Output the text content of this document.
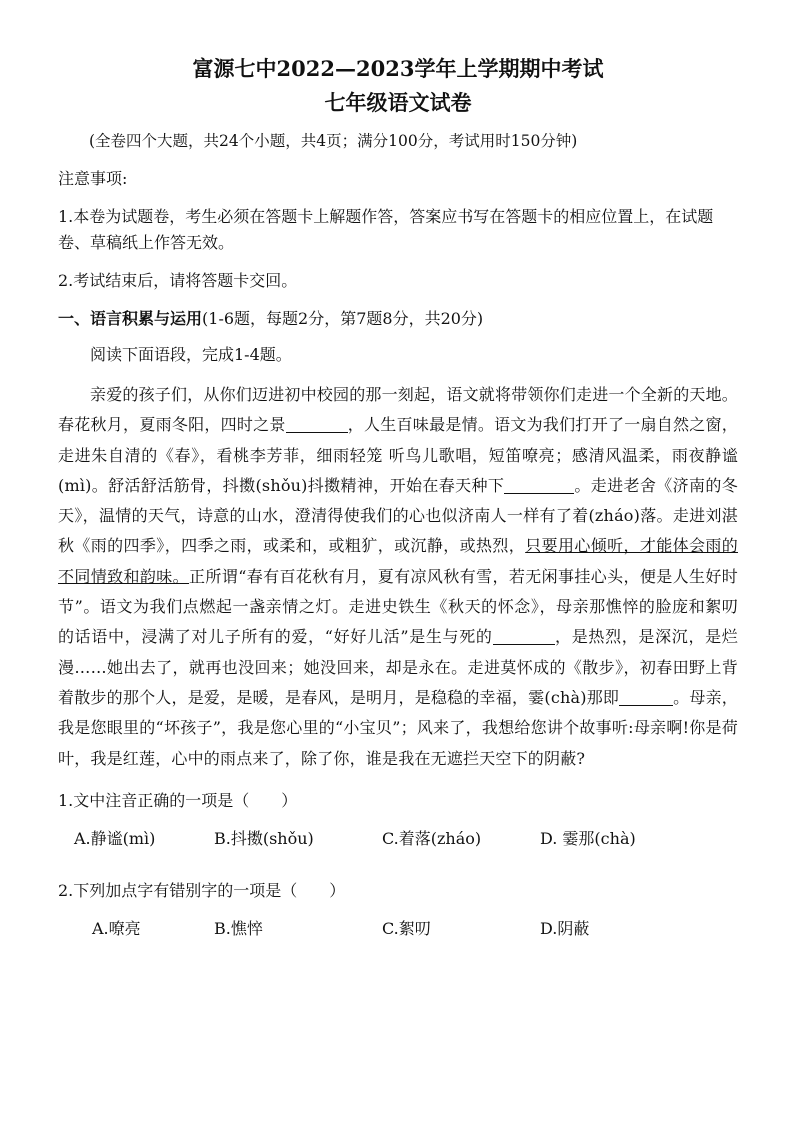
富源七中2022—2023学年上学期期中考试
七年级语文试卷

(全卷四个大题，共24个小题，共4页；满分100分，考试用时150分钟)

注意事项:

1.本卷为试题卷，考生必须在答题卡上解题作答，答案应书写在答题卡的相应位置上，在试题卷、草稿纸上作答无效。

2.考试结束后，请将答题卡交回。

一、语言积累与运用(1-6题，每题2分，第7题8分，共20分)

阅读下面语段，完成1-4题。

亲爱的孩子们，从你们迈进初中校园的那一刻起，语文就将带领你们走进一个全新的天地。春花秋月，夏雨冬阳，四时之景	，人生百味最是情。语文为我们打开了一扇自然之窗，走进朱自清的《春》，看桃李芳菲，细雨轻笼 听鸟儿歌唱，短笛嘹亮；感清风温柔，雨夜静谧(mì)。舒活舒活筋骨，抖擞(shǒu)抖擞精神，开始在春天种下	。走进老舍《济南的冬天》，温情的天气，诗意的山水，澄清得使我们的心也似济南人一样有了着(zháo)落。走进刘湛秋《雨的四季》，四季之雨，或柔和，或粗犷，或沉静，或热烈，只要用心倾听，才能体会雨的不同情致和韵味。正所谓“春有百花秋有月，夏有凉风秋有雪，若无闲事挂心头，便是人生好时节”。语文为我们点燃起一盏亲情之灯。走进史铁生《秋天的怀念》，母亲那憔悴的脸庞和絮叨的话语中，浸满了对儿子所有的爱，“好好儿活”是生与死的	，是热烈，是深沉，是烂漫……她出去了，就再也没回来；她没回来，却是永在。走进莫怀成的《散步》，初春田野上背着散步的那个人，是爱，是暖，是春风，是明月，是稳稳的幸福，霎(chà)那即	。母亲，我是您眼里的“坏孩子”，我是您心里的“小宝贝”；风来了，我想给您讲个故事听:母亲啊!你是荷叶，我是红莲，心中的雨点来了，除了你，谁是我在无遮拦天空下的阴蔽?

1.文中注音正确的一项是（　　）

A.静谧(mì)	B.抖擞(shǒu)	C.着落(zháo)	D. 霎那(chà)

2.下列加点字有错别字的一项是（　　）

A.嘹亮	B.憔悴	C.絮叨	D.阴蔽
